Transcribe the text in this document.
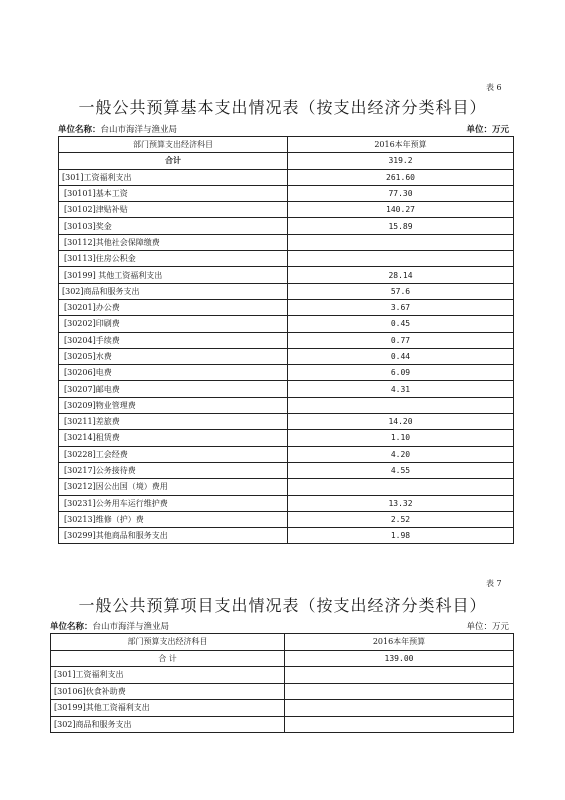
表 6
一般公共预算基本支出情况表（按支出经济分类科目）
单位名称：台山市海洋与渔业局	单位：万元
部门预算支出经济科目	2016本年预算
合计	319.2
[301]工资福利支出	261.60
[30101]基本工资	77.30
[30102]津贴补贴	140.27
[30103]奖金	15.89
[30112]其他社会保障缴费	
[30113]住房公积金	
[30199] 其他工资福利支出	28.14
[302]商品和服务支出	57.6
[30201]办公费	3.67
[30202]印刷费	0.45
[30204]手续费	0.77
[30205]水费	0.44
[30206]电费	6.09
[30207]邮电费	4.31
[30209]物业管理费	
[30211]差旅费	14.20
[30214]租赁费	1.10
[30228]工会经费	4.20
[30217]公务接待费	4.55
[30212]因公出国（境）费用	
[30231]公务用车运行维护费	13.32
[30213]维修（护）费	2.52
[30299]其他商品和服务支出	1.98
表 7
一般公共预算项目支出情况表（按支出经济分类科目）
单位名称：台山市海洋与渔业局	单位：万元
部门预算支出经济科目	2016本年预算
合 计	139.00
[301]工资福利支出	
[30106]伙食补助费	
[30199]其他工资福利支出	
[302]商品和服务支出	
